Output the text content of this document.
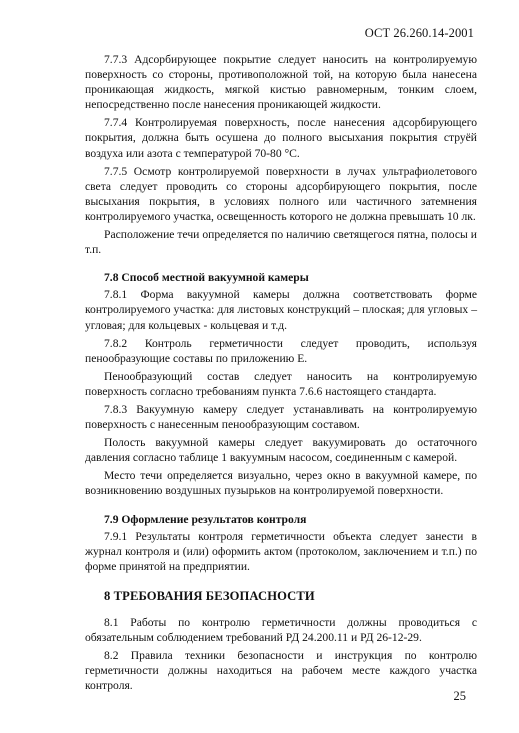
ОСТ 26.260.14-2001

7.7.3 Адсорбирующее покрытие следует наносить на контролируемую поверхность со стороны, противоположной той, на которую была нанесена проникающая жидкость, мягкой кистью равномерным, тонким слоем, непосредственно после нанесения проникающей жидкости.

7.7.4 Контролируемая поверхность, после нанесения адсорбирующего покрытия, должна быть осушена до полного высыхания покрытия струёй воздуха или азота с температурой 70-80 °С.

7.7.5 Осмотр контролируемой поверхности в лучах ультрафиолетового света следует проводить со стороны адсорбирующего покрытия, после высыхания покрытия, в условиях полного или частичного затемнения контролируемого участка, освещенность которого не должна превышать 10 лк.

Расположение течи определяется по наличию светящегося пятна, полосы и т.п.

7.8 Способ местной вакуумной камеры

7.8.1 Форма вакуумной камеры должна соответствовать форме контролируемого участка: для листовых конструкций – плоская; для угловых – угловая; для кольцевых - кольцевая и т.д.

7.8.2 Контроль герметичности следует проводить, используя пенообразующие составы по приложению Е.

Пенообразующий состав следует наносить на контролируемую поверхность согласно требованиям пункта 7.6.6 настоящего стандарта.

7.8.3 Вакуумную камеру следует устанавливать на контролируемую поверхность с нанесенным пенообразующим составом.

Полость вакуумной камеры следует вакуумировать до остаточного давления согласно таблице 1 вакуумным насосом, соединенным с камерой.

Место течи определяется визуально, через окно в вакуумной камере, по возникновению воздушных пузырьков на контролируемой поверхности.

7.9 Оформление результатов контроля

7.9.1 Результаты контроля герметичности объекта следует занести в журнал контроля и (или) оформить актом (протоколом, заключением и т.п.) по форме принятой на предприятии.

8 ТРЕБОВАНИЯ БЕЗОПАСНОСТИ

8.1 Работы по контролю герметичности должны проводиться с обязательным соблюдением требований РД 24.200.11 и РД 26-12-29.

8.2 Правила техники безопасности и инструкция по контролю герметичности должны находиться на рабочем месте каждого участка контроля.

25
